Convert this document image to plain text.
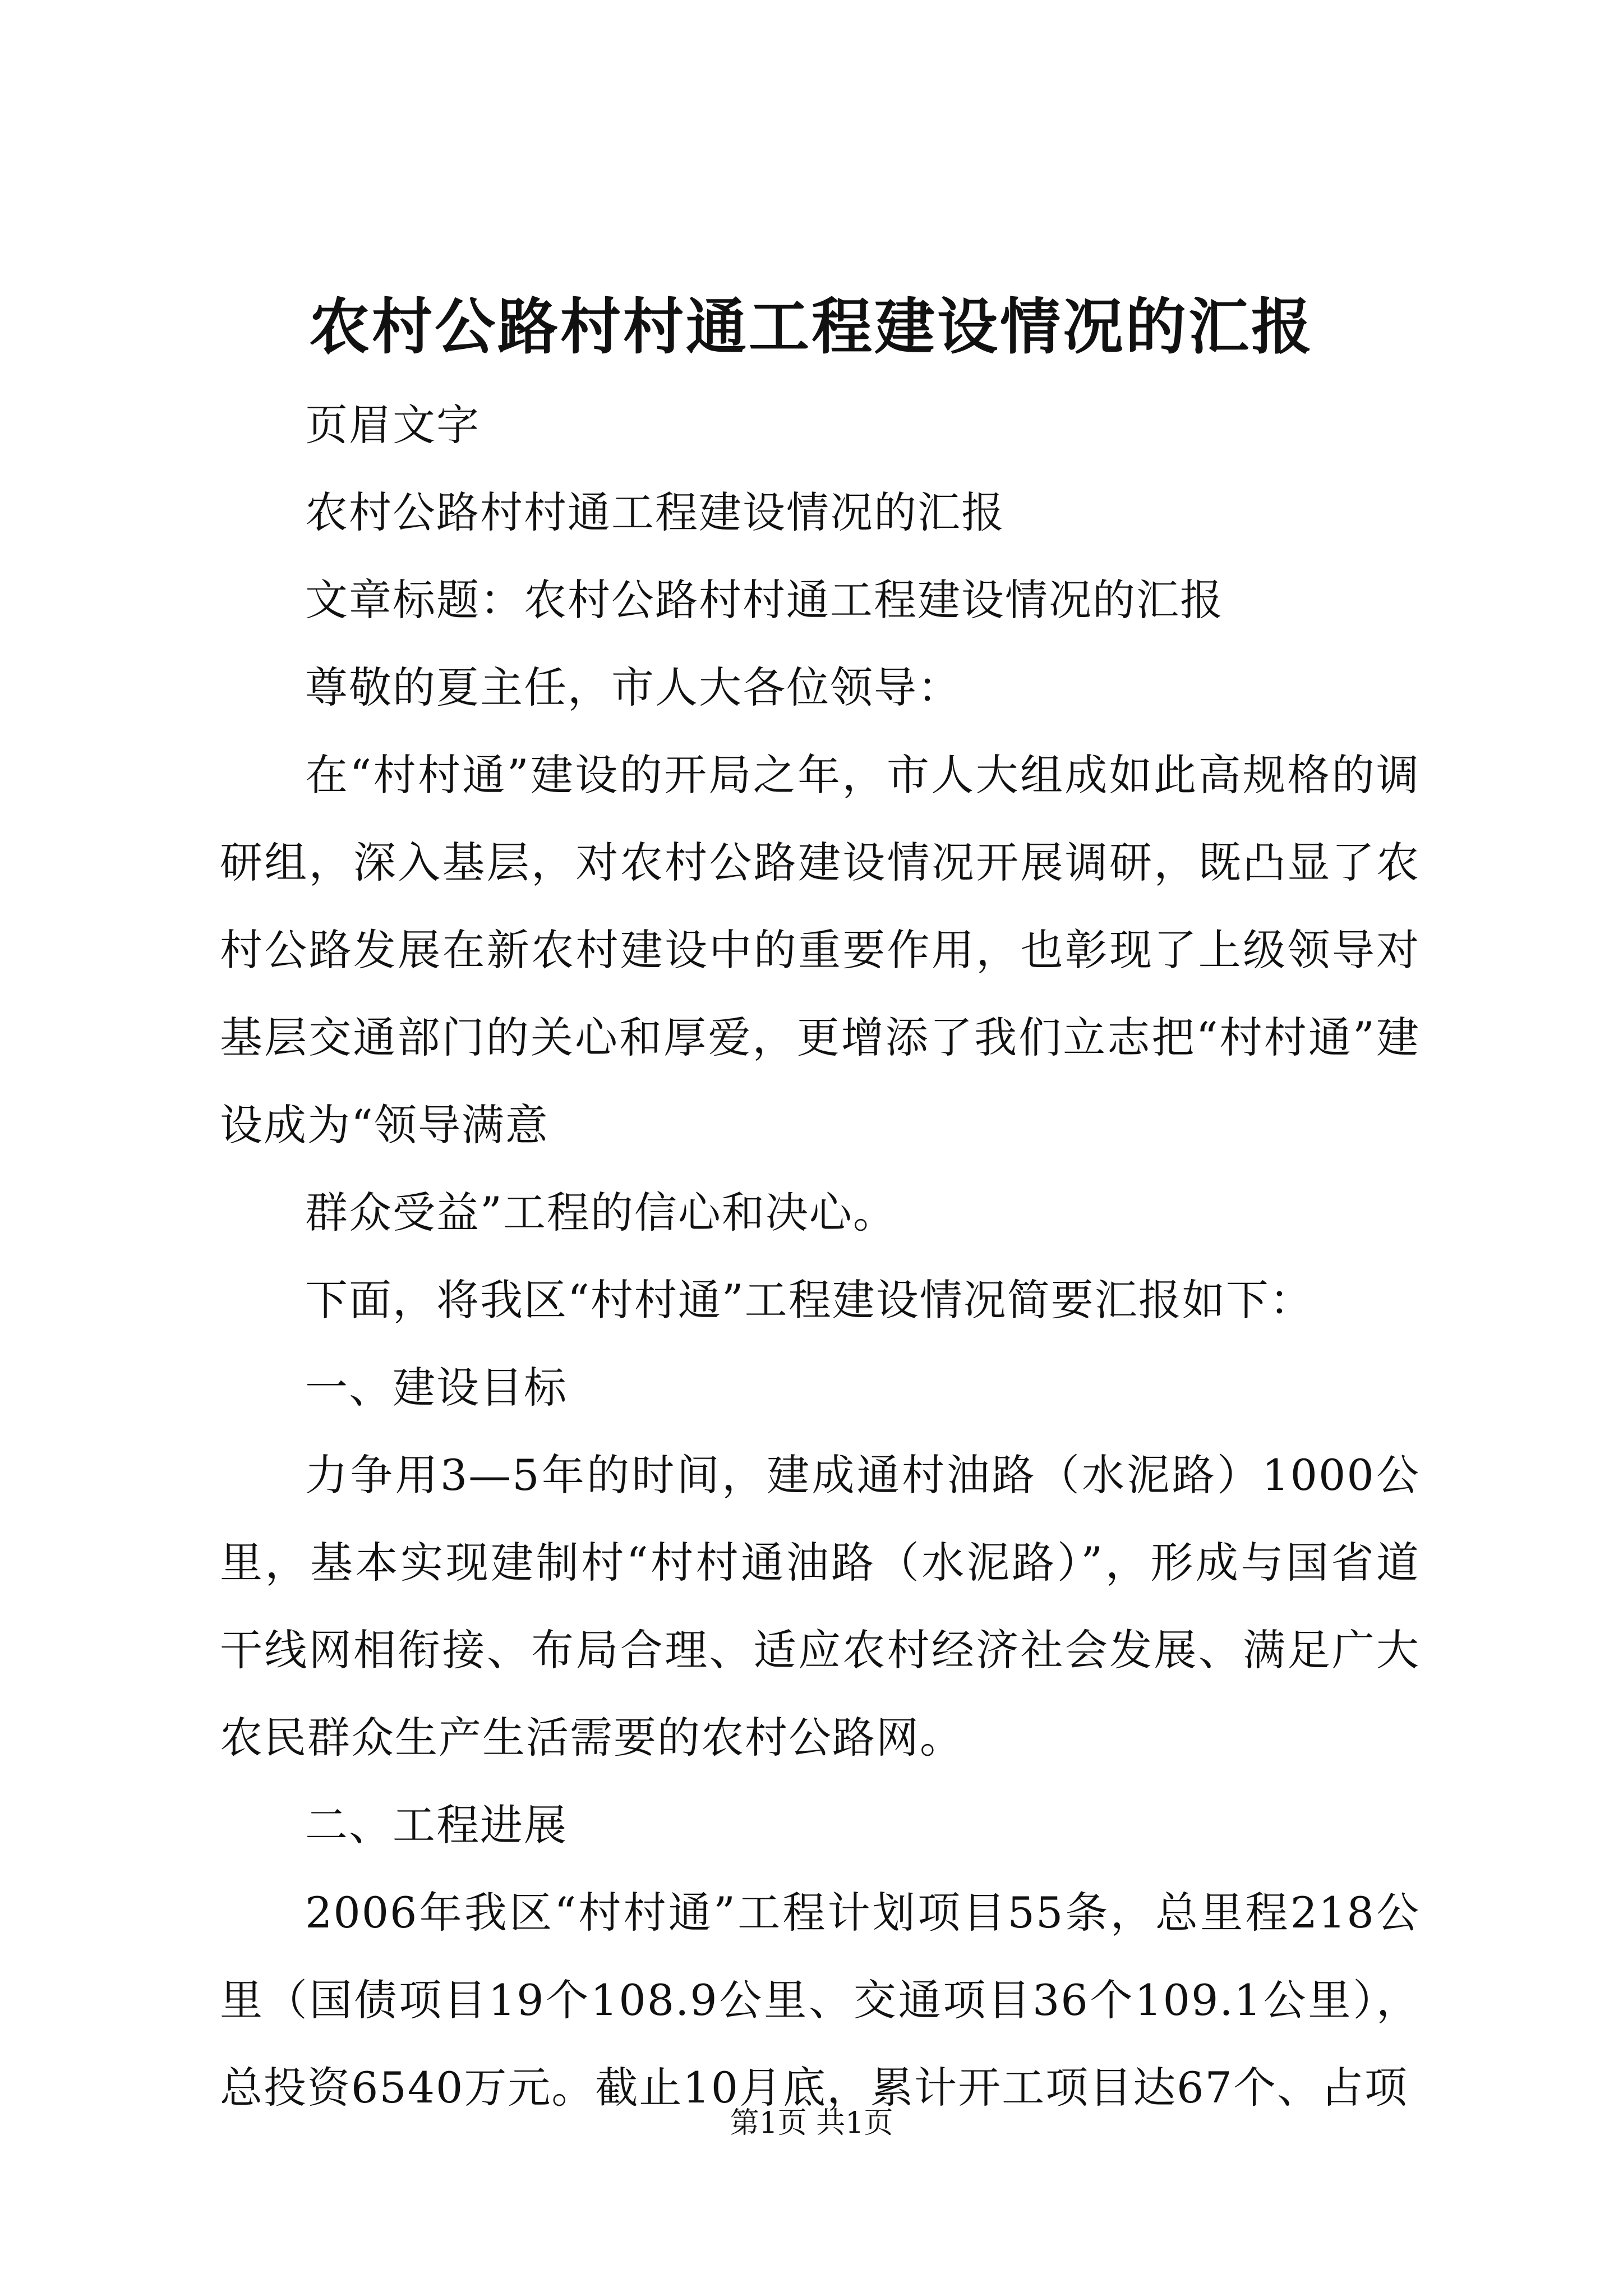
农村公路村村通工程建设情况的汇报

页眉文字

农村公路村村通工程建设情况的汇报

文章标题：农村公路村村通工程建设情况的汇报

尊敬的夏主任，市人大各位领导：

在“村村通”建设的开局之年，市人大组成如此高规格的调研组，深入基层，对农村公路建设情况开展调研，既凸显了农村公路发展在新农村建设中的重要作用，也彰现了上级领导对基层交通部门的关心和厚爱，更增添了我们立志把“村村通”建设成为“领导满意

群众受益”工程的信心和决心。

下面，将我区“村村通”工程建设情况简要汇报如下：

一、建设目标

力争用3—5年的时间，建成通村油路（水泥路）1000公里，基本实现建制村“村村通油路（水泥路）”，形成与国省道干线网相衔接、布局合理、适应农村经济社会发展、满足广大农民群众生产生活需要的农村公路网。

二、工程进展

2006年我区“村村通”工程计划项目55条，总里程218公里（国债项目19个108.9公里、交通项目36个109.1公里），总投资6540万元。截止10月底，累计开工项目达67个、占项

第1页 共1页
